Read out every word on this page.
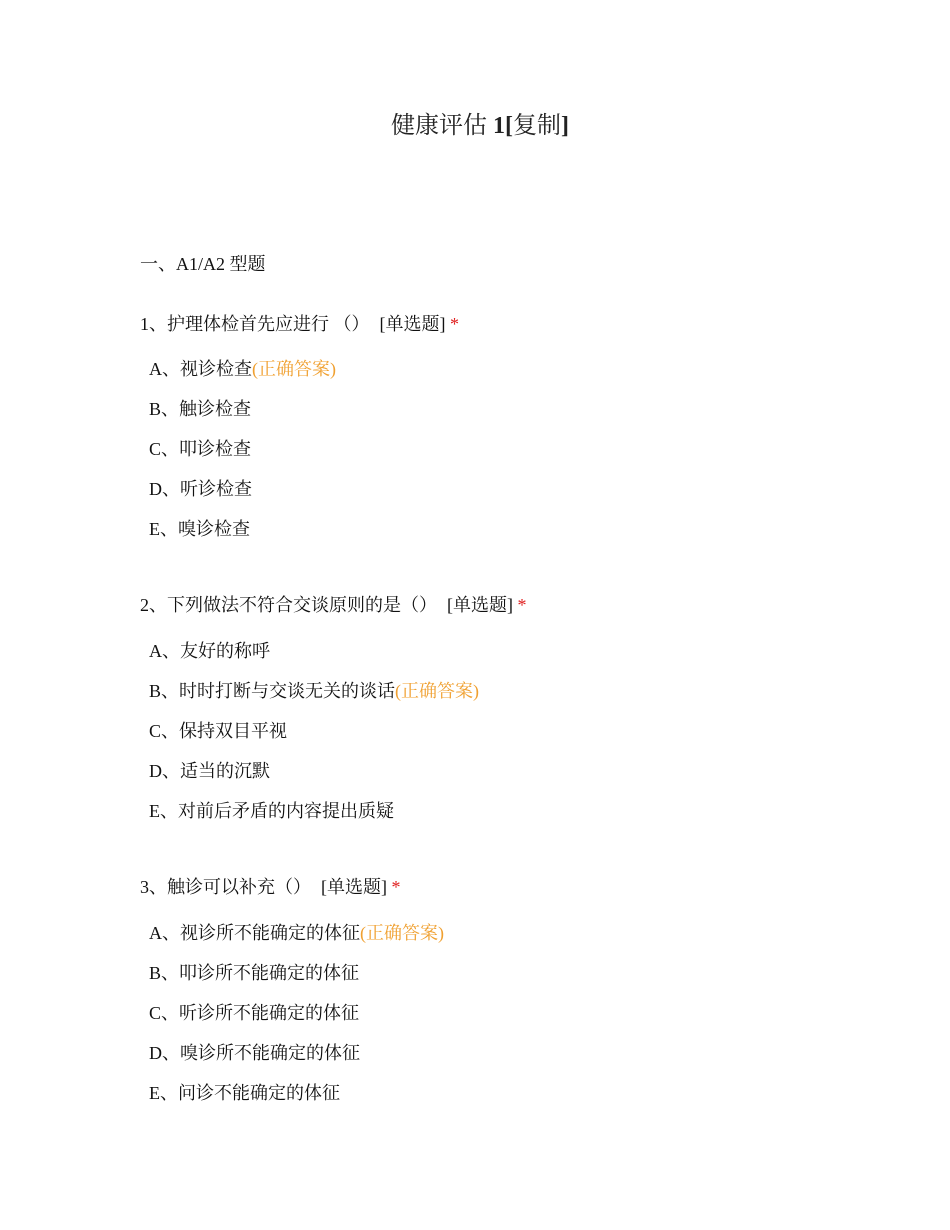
健康评估 1[复制]
一、A1/A2 型题
1、护理体检首先应进行 （） [单选题] *
A、视诊检查(正确答案)
B、触诊检查
C、叩诊检查
D、听诊检查
E、嗅诊检查
2、下列做法不符合交谈原则的是（） [单选题] *
A、友好的称呼
B、时时打断与交谈无关的谈话(正确答案)
C、保持双目平视
D、适当的沉默
E、对前后矛盾的内容提出质疑
3、触诊可以补充（） [单选题] *
A、视诊所不能确定的体征(正确答案)
B、叩诊所不能确定的体征
C、听诊所不能确定的体征
D、嗅诊所不能确定的体征
E、问诊不能确定的体征
